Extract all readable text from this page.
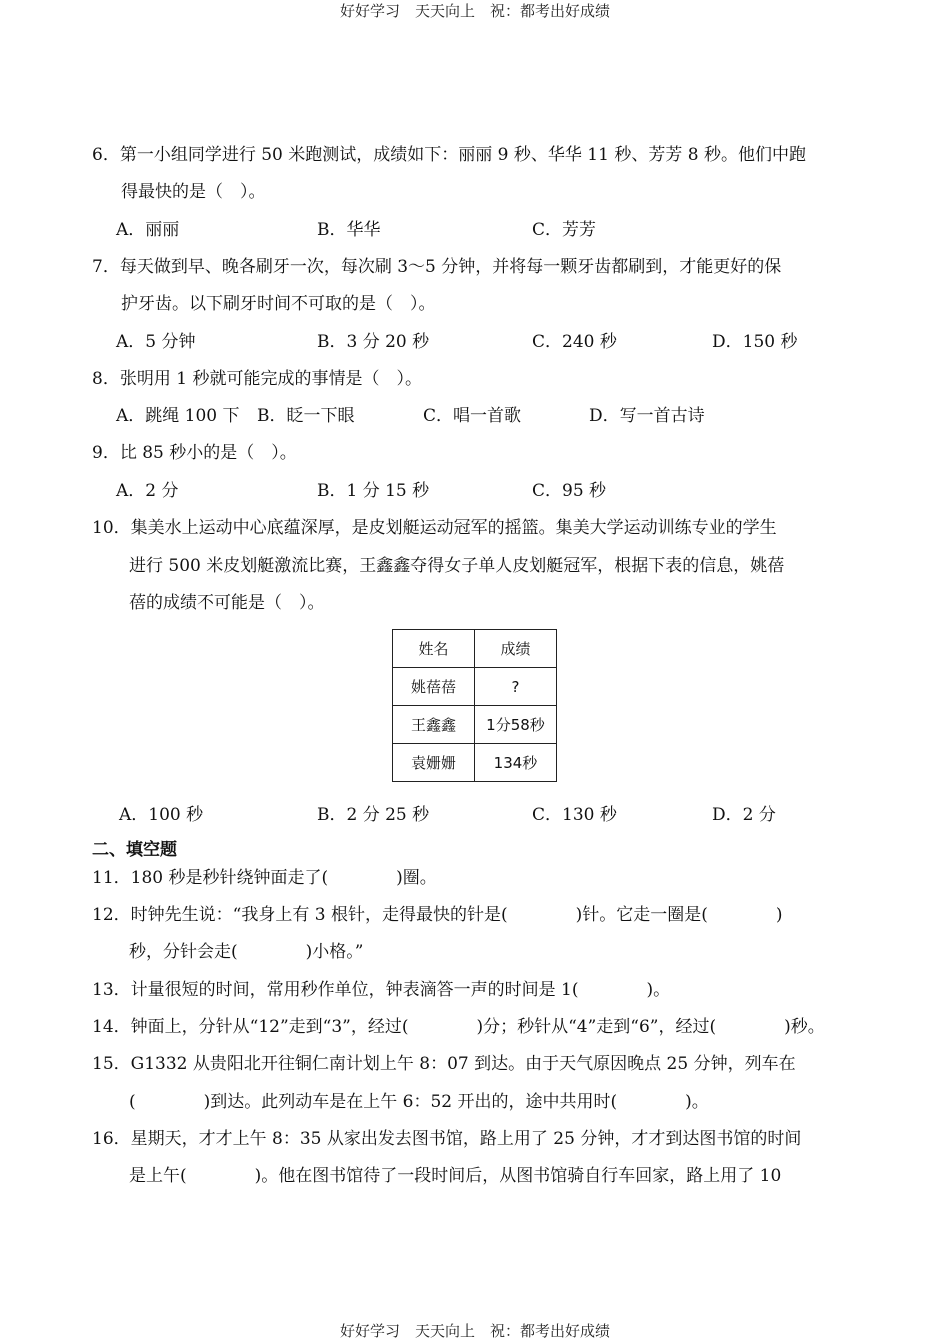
好好学习　天天向上　祝：都考出好成绩
6．第一小组同学进行 50 米跑测试，成绩如下：丽丽 9 秒、华华 11 秒、芳芳 8 秒。他们中跑
得最快的是（　）。
A．丽丽	B．华华	C．芳芳
7．每天做到早、晚各刷牙一次，每次刷 3～5 分钟，并将每一颗牙齿都刷到，才能更好的保
护牙齿。以下刷牙时间不可取的是（　）。
A．5 分钟	B．3 分 20 秒	C．240 秒	D．150 秒
8．张明用 1 秒就可能完成的事情是（　）。
A．跳绳 100 下 B．眨一下眼	C．唱一首歌	D．写一首古诗
9．比 85 秒小的是（　）。
A．2 分	B．1 分 15 秒	C．95 秒
10．集美水上运动中心底蕴深厚，是皮划艇运动冠军的摇篮。集美大学运动训练专业的学生
进行 500 米皮划艇激流比赛，王鑫鑫夺得女子单人皮划艇冠军，根据下表的信息，姚蓓
蓓的成绩不可能是（　）。
姓名	成绩
姚蓓蓓	?
王鑫鑫	1分58秒
袁姗姗	134秒
A．100 秒	B．2 分 25 秒	C．130 秒	D．2 分
二、填空题
11．180 秒是秒针绕钟面走了(　　　　)圈。
12．时钟先生说：“我身上有 3 根针，走得最快的针是(　　　　)针。它走一圈是(　　　　)
秒，分针会走(　　　　)小格。”
13．计量很短的时间，常用秒作单位，钟表滴答一声的时间是 1(　　　　)。
14．钟面上，分针从“12”走到“3”，经过(　　　　)分；秒针从“4”走到“6”，经过(　　　　)秒。
15．G1332 从贵阳北开往铜仁南计划上午 8：07 到达。由于天气原因晚点 25 分钟，列车在
(　　　　)到达。此列动车是在上午 6：52 开出的，途中共用时(　　　　)。
16．星期天，才才上午 8：35 从家出发去图书馆，路上用了 25 分钟，才才到达图书馆的时间
是上午(　　　　)。他在图书馆待了一段时间后，从图书馆骑自行车回家，路上用了 10
好好学习　天天向上　祝：都考出好成绩
